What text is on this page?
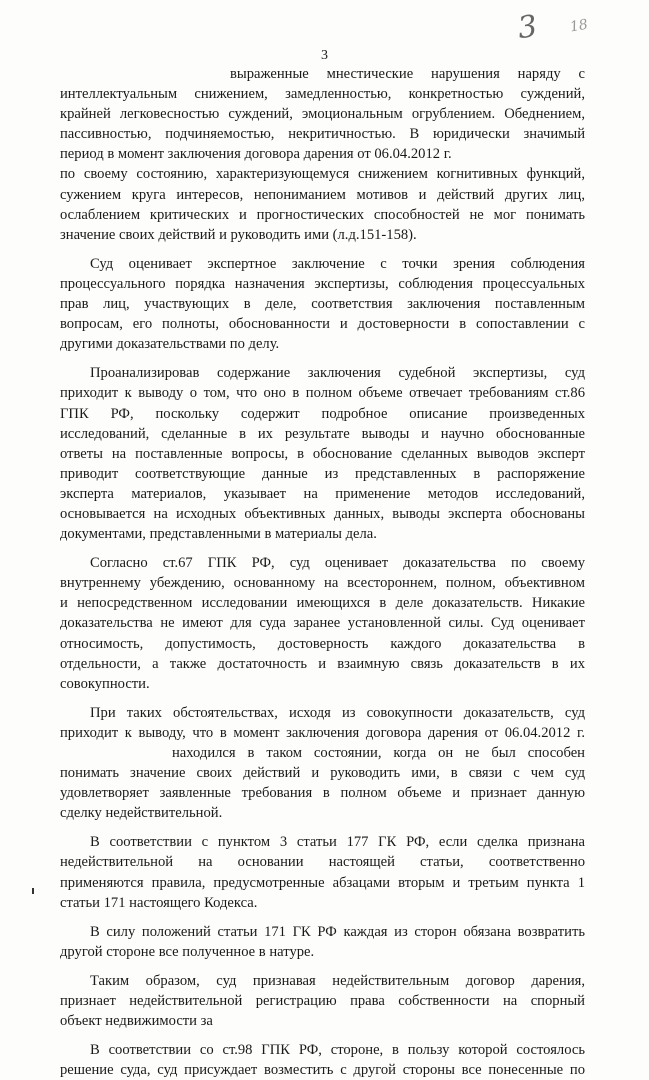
3
3 18
выраженные мнестические нарушения наряду с
интеллектуальным снижением, замедленностью, конкретностью суждений,
крайней легковесностью суждений, эмоциональным огрублением. Обеднением,
пассивностью, подчиняемостью, некритичностью. В юридически значимый
период в момент заключения договора дарения от 06.04.2012 г.
по своему состоянию, характеризующемуся снижением когнитивных функций,
сужением круга интересов, непониманием мотивов и действий других лиц,
ослаблением критических и прогностических способностей не мог понимать
значение своих действий и руководить ими (л.д.151-158).
Суд оценивает экспертное заключение с точки зрения соблюдения
процессуального порядка назначения экспертизы, соблюдения процессуальных
прав лиц, участвующих в деле, соответствия заключения поставленным
вопросам, его полноты, обоснованности и достоверности в сопоставлении с
другими доказательствами по делу.
Проанализировав содержание заключения судебной экспертизы, суд
приходит к выводу о том, что оно в полном объеме отвечает требованиям ст.86
ГПК РФ, поскольку содержит подробное описание произведенных
исследований, сделанные в их результате выводы и научно обоснованные
ответы на поставленные вопросы, в обоснование сделанных выводов эксперт
приводит соответствующие данные из представленных в распоряжение
эксперта материалов, указывает на применение методов исследований,
основывается на исходных объективных данных, выводы эксперта обоснованы
документами, представленными в материалы дела.
Согласно ст.67 ГПК РФ, суд оценивает доказательства по своему
внутреннему убеждению, основанному на всестороннем, полном, объективном
и непосредственном исследовании имеющихся в деле доказательств. Никакие
доказательства не имеют для суда заранее установленной силы. Суд оценивает
относимость, допустимость, достоверность каждого доказательства в
отдельности, а также достаточность и взаимную связь доказательств в их
совокупности.
При таких обстоятельствах, исходя из совокупности доказательств, суд
приходит к выводу, что в момент заключения договора дарения от 06.04.2012 г.
находился в таком состоянии, когда он не был способен
понимать значение своих действий и руководить ими, в связи с чем суд
удовлетворяет заявленные требования в полном объеме и признает данную
сделку недействительной.
В соответствии с пунктом 3 статьи 177 ГК РФ, если сделка признана
недействительной на основании настоящей статьи, соответственно
применяются правила, предусмотренные абзацами вторым и третьим пункта 1
статьи 171 настоящего Кодекса.
В силу положений статьи 171 ГК РФ каждая из сторон обязана возвратить
другой стороне все полученное в натуре.
Таким образом, суд признавая недействительным договор дарения,
признает недействительной регистрацию права собственности на спорный
объект недвижимости за
В соответствии со ст.98 ГПК РФ, стороне, в пользу которой состоялось
решение суда, суд присуждает возместить с другой стороны все понесенные по
